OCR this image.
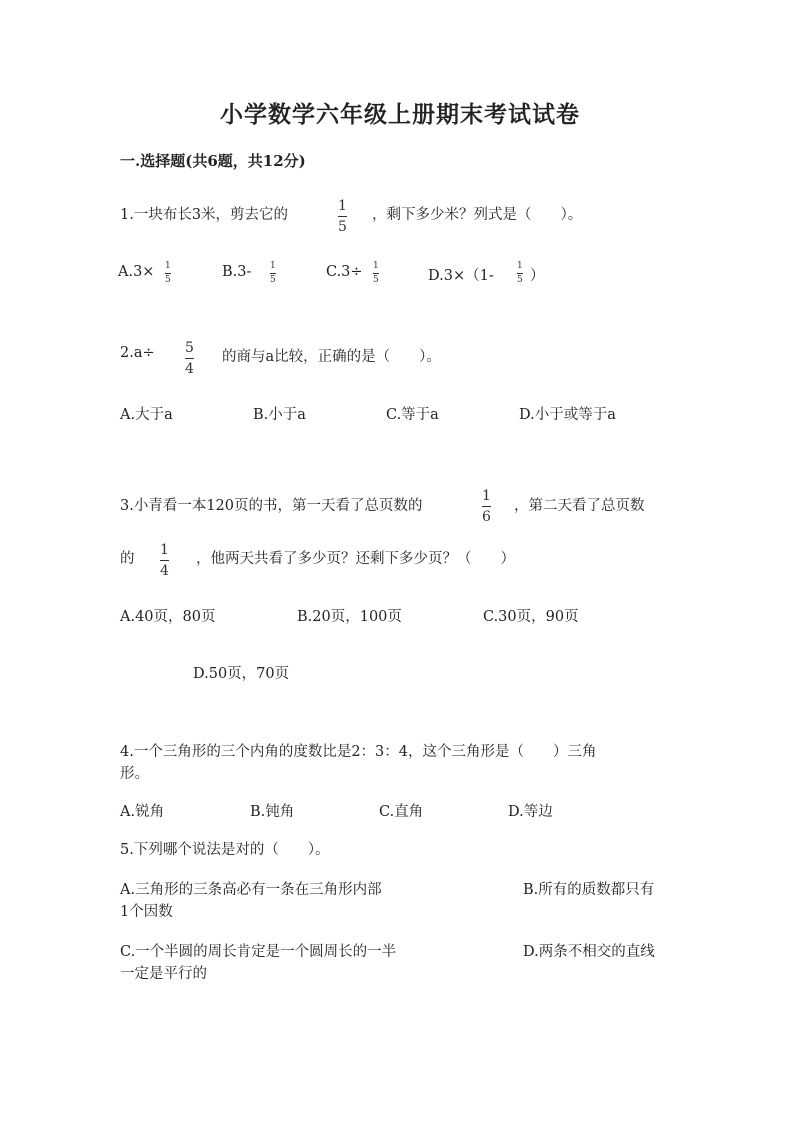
小学数学六年级上册期末考试试卷
一.选择题(共6题，共12分)
1.一块布长3米，剪去它的
1
5
，剩下多少米？列式是（　　）。
A.3× 1
5	B.3- 1
5	C.3÷ 1
5	D.3×（1-
1
5 ）
2.a÷ 5
4
的商与a比较，正确的是（　　）。
A.大于a	B.小于a	C.等于a	D.小于或等于a
3.小青看一本120页的书，第一天看了总页数的
1
6
，第二天看了总页数
的
1
4
，他两天共看了多少页？还剩下多少页？（　　）
A.40页，80页	B.20页，100页	C.30页，90页
D.50页，70页
4.一个三角形的三个内角的度数比是2：3：4，这个三角形是（　　）三角
形。
A.锐角	B.钝角	C.直角	D.等边
5.下列哪个说法是对的（　　）。
A.三角形的三条高必有一条在三角形内部	B.所有的质数都只有
1个因数
C.一个半圆的周长肯定是一个圆周长的一半	D.两条不相交的直线
一定是平行的
